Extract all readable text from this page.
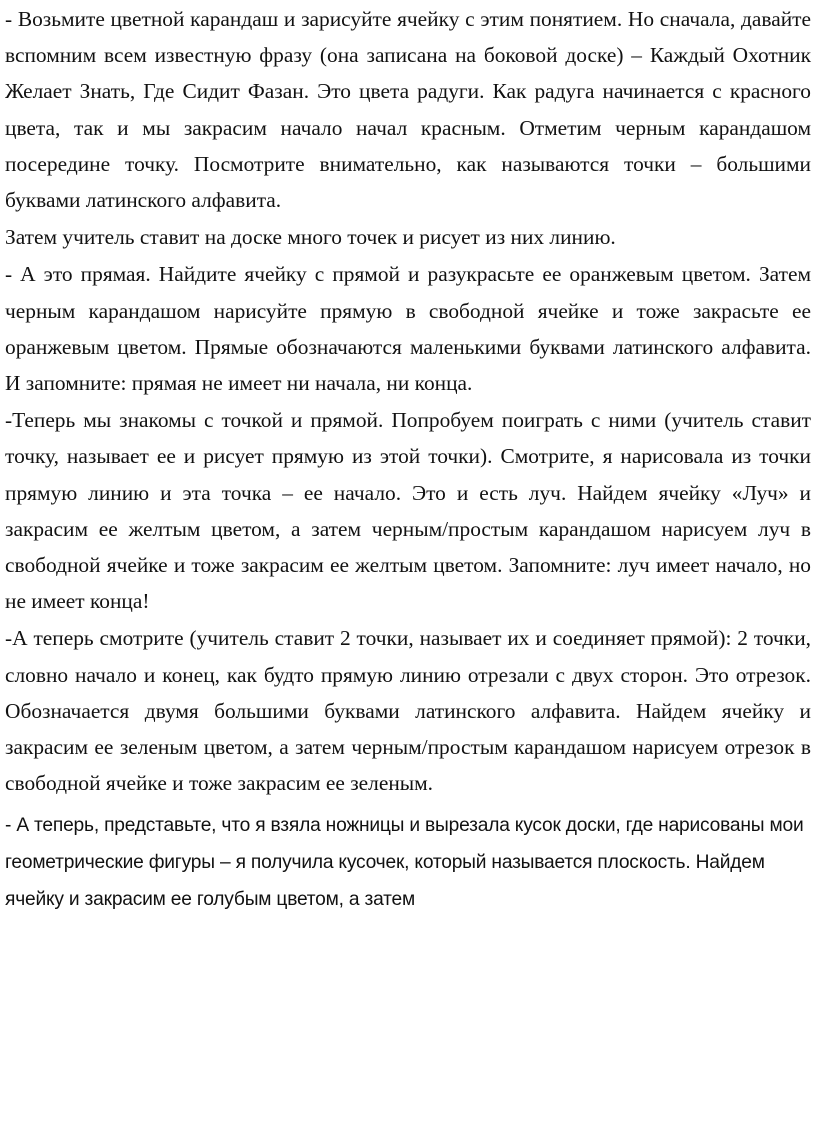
- Возьмите цветной карандаш и зарисуйте ячейку с этим понятием. Но сначала, давайте вспомним всем известную фразу (она записана на боковой доске) – Каждый Охотник Желает Знать, Где Сидит Фазан. Это цвета радуги. Как радуга начинается с красного цвета, так и мы закрасим начало начал красным. Отметим черным карандашом посередине точку. Посмотрите внимательно, как называются точки – большими буквами латинского алфавита.

Затем учитель ставит на доске много точек и рисует из них линию.

- А это прямая. Найдите ячейку с прямой и разукрасьте ее оранжевым цветом. Затем черным карандашом нарисуйте прямую в свободной ячейке и тоже закрасьте ее оранжевым цветом. Прямые обозначаются маленькими буквами латинского алфавита. И запомните: прямая не имеет ни начала, ни конца.

-Теперь мы знакомы с точкой и прямой. Попробуем поиграть с ними (учитель ставит точку, называет ее и рисует прямую из этой точки). Смотрите, я нарисовала из точки прямую линию и эта точка – ее начало. Это и есть луч. Найдем ячейку «Луч» и закрасим ее желтым цветом, а затем черным/простым карандашом нарисуем луч в свободной ячейке и тоже закрасим ее желтым цветом. Запомните: луч имеет начало, но не имеет конца!

-А теперь смотрите (учитель ставит 2 точки, называет их и соединяет прямой): 2 точки, словно начало и конец, как будто прямую линию отрезали с двух сторон. Это отрезок. Обозначается двумя большими буквами латинского алфавита. Найдем ячейку и закрасим ее зеленым цветом, а затем черным/простым карандашом нарисуем отрезок в свободной ячейке и тоже закрасим ее зеленым.

- А теперь, представьте, что я взяла ножницы и вырезала кусок доски, где нарисованы мои геометрические фигуры – я получила кусочек, который называется плоскость. Найдем ячейку и закрасим ее голубым цветом, а затем
